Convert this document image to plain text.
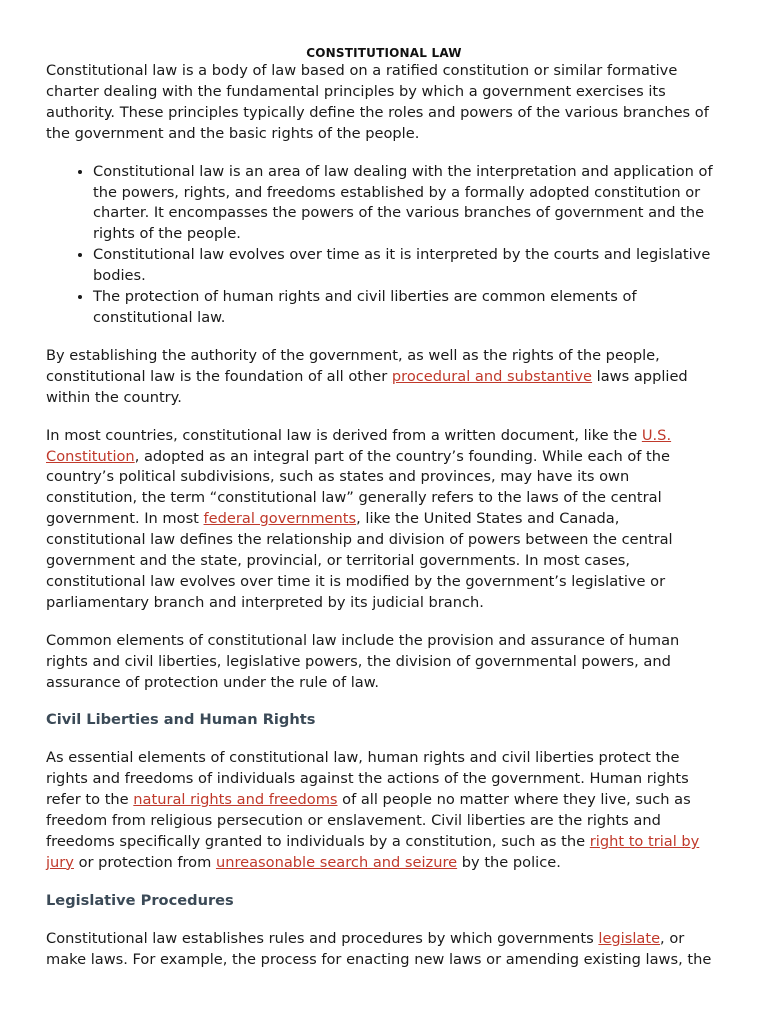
CONSTITUTIONAL LAW

Constitutional law is a body of law based on a ratified constitution or similar formative charter dealing with the fundamental principles by which a government exercises its authority. These principles typically define the roles and powers of the various branches of the government and the basic rights of the people.

• Constitutional law is an area of law dealing with the interpretation and application of the powers, rights, and freedoms established by a formally adopted constitution or charter. It encompasses the powers of the various branches of government and the rights of the people.
• Constitutional law evolves over time as it is interpreted by the courts and legislative bodies.
• The protection of human rights and civil liberties are common elements of constitutional law.

By establishing the authority of the government, as well as the rights of the people, constitutional law is the foundation of all other procedural and substantive laws applied within the country.

In most countries, constitutional law is derived from a written document, like the U.S. Constitution, adopted as an integral part of the country’s founding. While each of the country’s political subdivisions, such as states and provinces, may have its own constitution, the term “constitutional law” generally refers to the laws of the central government. In most federal governments, like the United States and Canada, constitutional law defines the relationship and division of powers between the central government and the state, provincial, or territorial governments. In most cases, constitutional law evolves over time it is modified by the government’s legislative or parliamentary branch and interpreted by its judicial branch.

Common elements of constitutional law include the provision and assurance of human rights and civil liberties, legislative powers, the division of governmental powers, and assurance of protection under the rule of law.

Civil Liberties and Human Rights

As essential elements of constitutional law, human rights and civil liberties protect the rights and freedoms of individuals against the actions of the government. Human rights refer to the natural rights and freedoms of all people no matter where they live, such as freedom from religious persecution or enslavement. Civil liberties are the rights and freedoms specifically granted to individuals by a constitution, such as the right to trial by jury or protection from unreasonable search and seizure by the police.

Legislative Procedures

Constitutional law establishes rules and procedures by which governments legislate, or make laws. For example, the process for enacting new laws or amending existing laws, the
